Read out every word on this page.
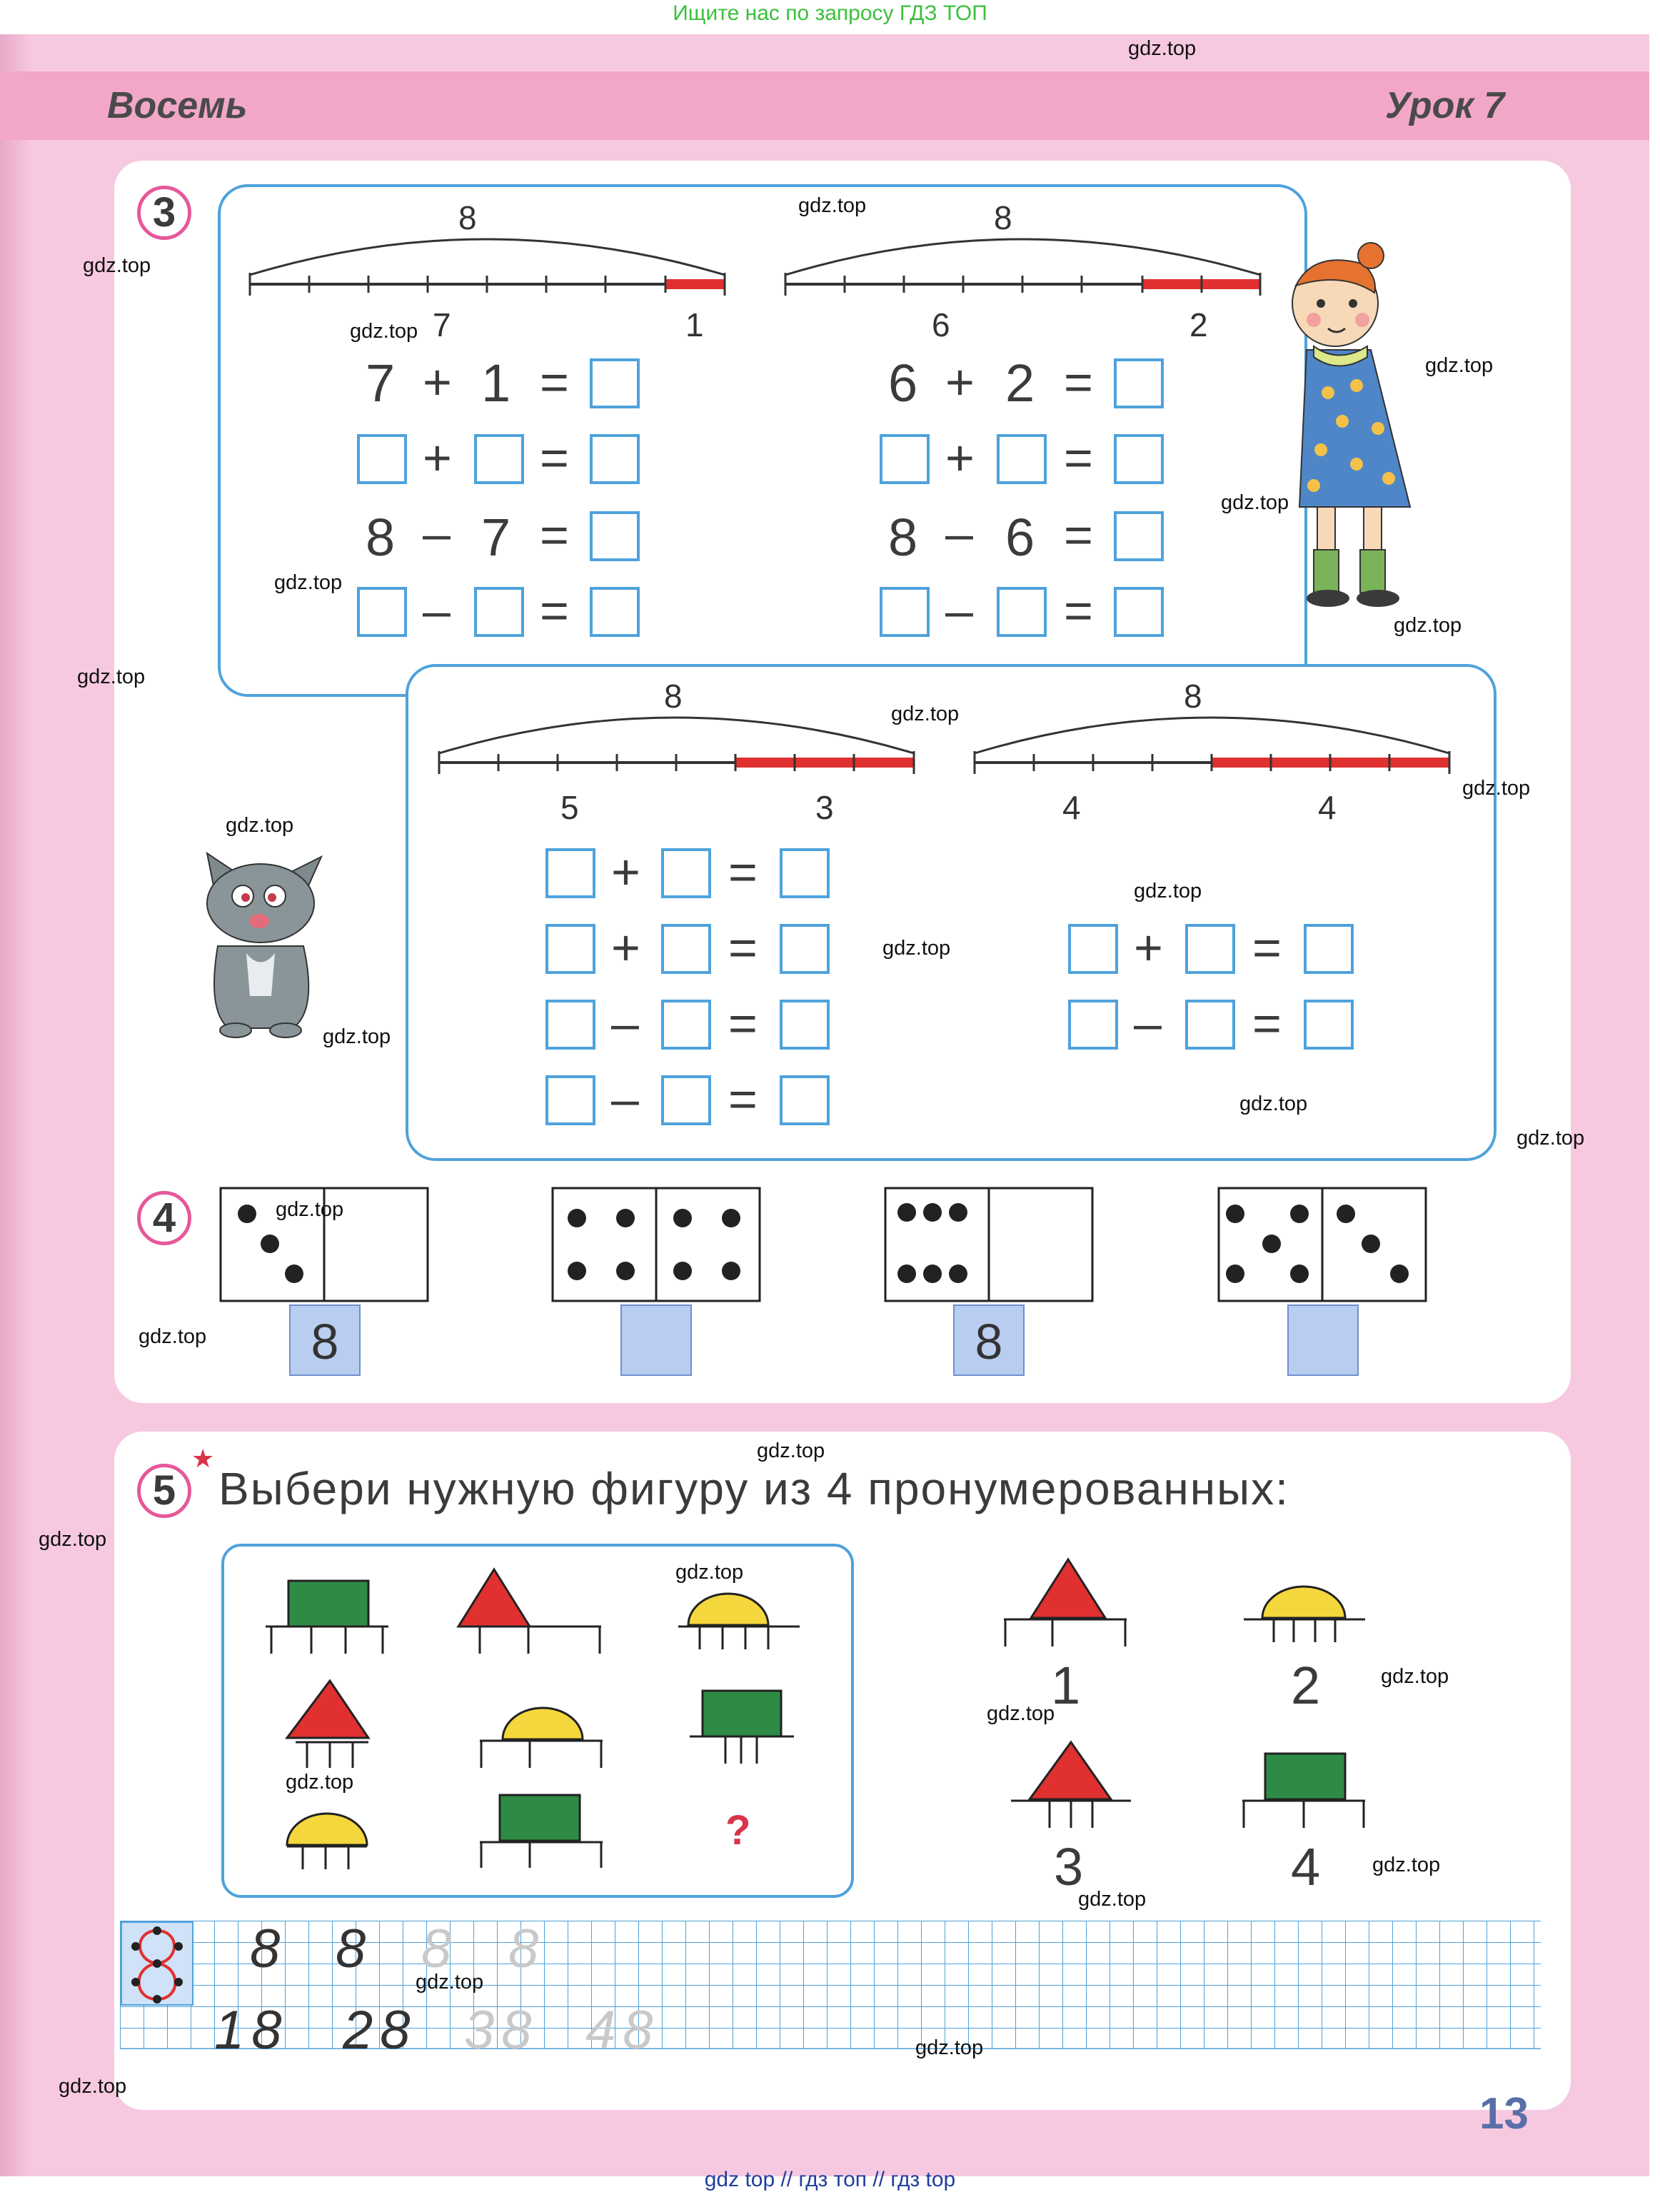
Ищите нас по запросу ГДЗ ТОП
Восемь	Урок 7
3	8
7	1
8
6	2
8
5	3
8
4	4
7 + 1 =
+ =
8 – 7 =
– =
6 + 2 =
+ =
8 – 6 =
– =
+ =
+ =
– =
– =
+ =
– =
4
8	8
5
★
Выбери нужную фигуру из 4 пронумерованных:
?
1	2
3	4
8 8 8 8
18 28 38 48
13
gdz.top
gdz.top
gdz.top
gdz.top
gdz.top
gdz.top
gdz.top
gdz.top
gdz.top
gdz.top
gdz.top
gdz.top
gdz.top
gdz.top
gdz.top
gdz.top
gdz.top
gdz.top
gdz.top
gdz.top
gdz.top
gdz.top
gdz.top
gdz.top
gdz.top
gdz.top
gdz.top
gdz.top
gdz.top
gdz.top
gdz top // гдз топ // гдз top
